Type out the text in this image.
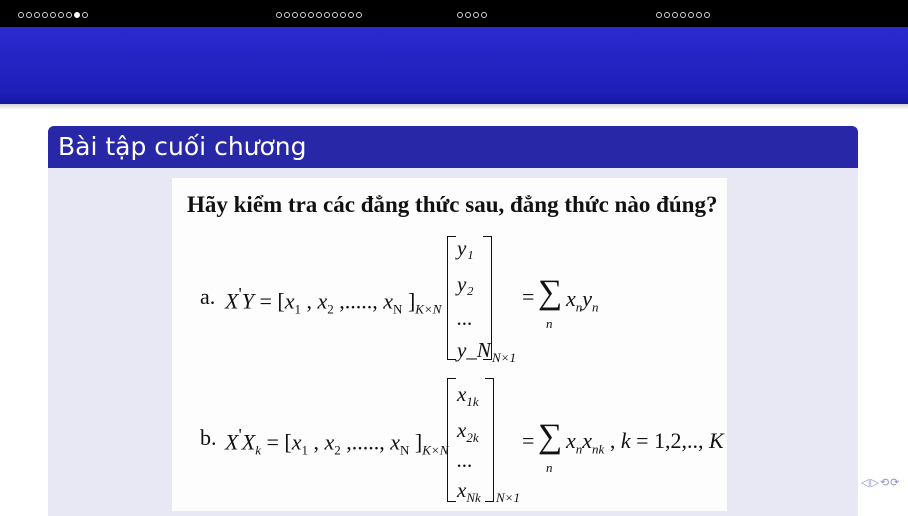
Bài tập cuối chương
Hãy kiểm tra các đẳng thức sau, đẳng thức nào đúng?
a. $X'Y = [x_1$ , $x_2$ ,....., $x_N$ ]$_{K\times N}$
y₁
y₂
...
y_N N×1
= ∑
n
$x_ny_n$
b. $X'X_k = [x_1$ , $x_2$ ,....., $x_N$ ]$_{K\times N}$
$x_{1k}$
$x_{2k}$
...
$x_{Nk}$ N×1
= ∑
n
$x_nx_{nk}$ , k = 1,2,.., K
◁▷⟲⟳
